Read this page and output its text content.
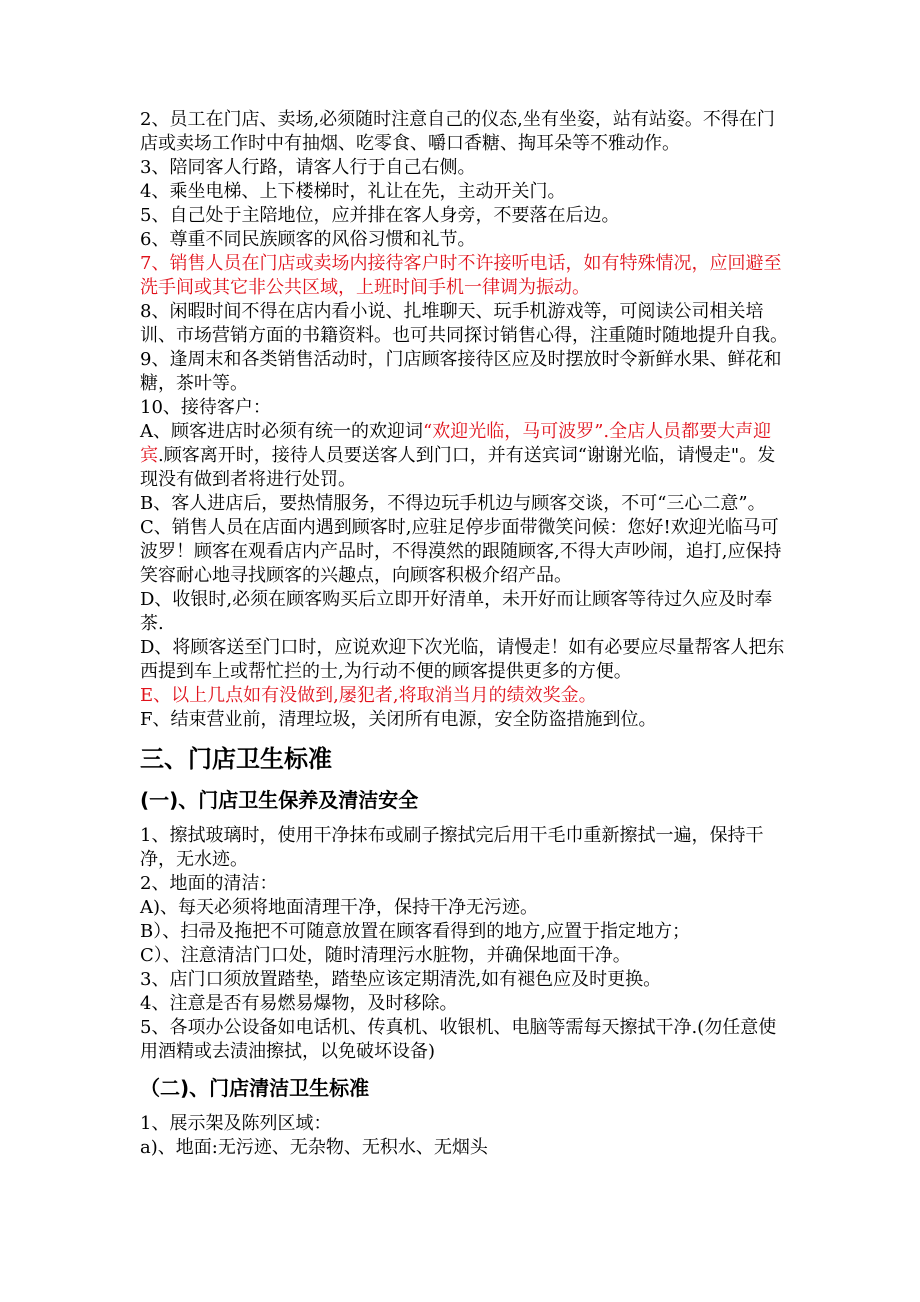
2、员工在门店、卖场,必须随时注意自己的仪态,坐有坐姿，站有站姿。不得在门店或卖场工作时中有抽烟、吃零食、嚼口香糖、掏耳朵等不雅动作。

3、陪同客人行路，请客人行于自己右侧。

4、乘坐电梯、上下楼梯时，礼让在先，主动开关门。

5、自己处于主陪地位，应并排在客人身旁，不要落在后边。

6、尊重不同民族顾客的风俗习惯和礼节。

7、销售人员在门店或卖场内接待客户时不许接听电话，如有特殊情况，应回避至洗手间或其它非公共区域，上班时间手机一律调为振动。

8、闲暇时间不得在店内看小说、扎堆聊天、玩手机游戏等，可阅读公司相关培训、市场营销方面的书籍资料。也可共同探讨销售心得，注重随时随地提升自我。

9、逢周末和各类销售活动时，门店顾客接待区应及时摆放时令新鲜水果、鲜花和糖，茶叶等。

10、接待客户：

A、顾客进店时必须有统一的欢迎词“欢迎光临，马可波罗”.全店人员都要大声迎宾.顾客离开时，接待人员要送客人到门口，并有送宾词“谢谢光临，请慢走"。发现没有做到者将进行处罚。

B、客人进店后，要热情服务，不得边玩手机边与顾客交谈，不可“三心二意”。

C、销售人员在店面内遇到顾客时,应驻足停步面带微笑问候：您好!欢迎光临马可波罗！顾客在观看店内产品时，不得漠然的跟随顾客,不得大声吵闹，追打,应保持笑容耐心地寻找顾客的兴趣点，向顾客积极介绍产品。

D、收银时,必须在顾客购买后立即开好清单，未开好而让顾客等待过久应及时奉茶.

D、将顾客送至门口时，应说欢迎下次光临，请慢走！如有必要应尽量帮客人把东西提到车上或帮忙拦的士,为行动不便的顾客提供更多的方便。

E、以上几点如有没做到,屡犯者,将取消当月的绩效奖金。

F、结束营业前，清理垃圾，关闭所有电源，安全防盗措施到位。

三、门店卫生标准
(一)、门店卫生保养及清洁安全

1、擦拭玻璃时，使用干净抹布或刷子擦拭完后用干毛巾重新擦拭一遍，保持干净，无水迹。

2、地面的清洁：

A)、每天必须将地面清理干净，保持干净无污迹。

B）、扫帚及拖把不可随意放置在顾客看得到的地方,应置于指定地方；

C）、注意清洁门口处，随时清理污水脏物，并确保地面干净。

3、店门口须放置踏垫，踏垫应该定期清洗,如有褪色应及时更换。

4、注意是否有易燃易爆物，及时移除。

5、各项办公设备如电话机、传真机、收银机、电脑等需每天擦拭干净.(勿任意使用酒精或去渍油擦拭，以免破坏设备)

（二)、门店清洁卫生标准

1、展示架及陈列区域：

a)、地面:无污迹、无杂物、无积水、无烟头
